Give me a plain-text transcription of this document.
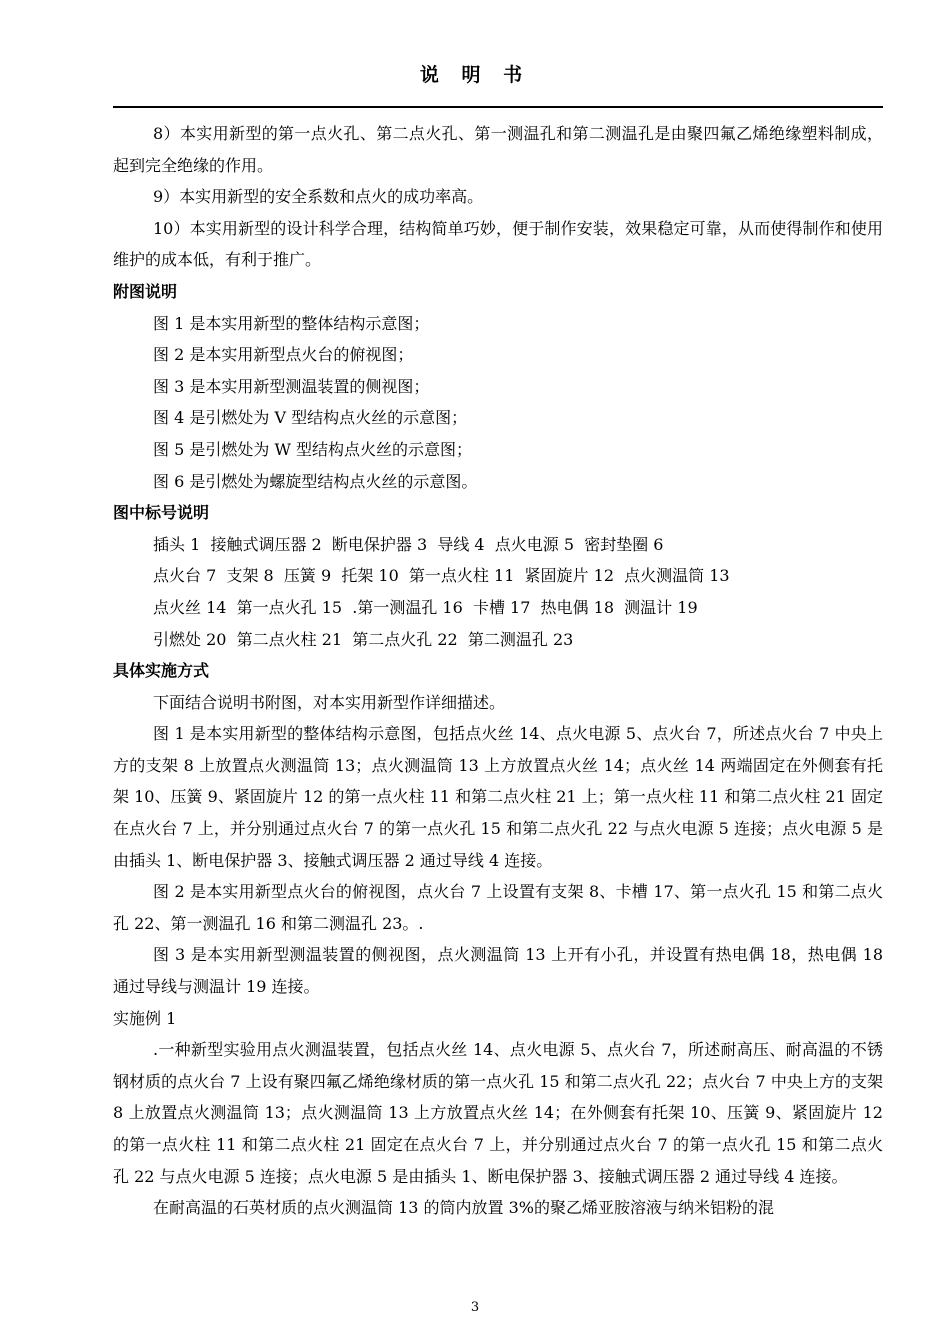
说 明 书

8）本实用新型的第一点火孔、第二点火孔、第一测温孔和第二测温孔是由聚四氟乙烯绝缘塑料制成，起到完全绝缘的作用。

9）本实用新型的安全系数和点火的成功率高。

10）本实用新型的设计科学合理，结构简单巧妙，便于制作安装，效果稳定可靠，从而使得制作和使用维护的成本低，有利于推广。

附图说明

图 1 是本实用新型的整体结构示意图；

图 2 是本实用新型点火台的俯视图；

图 3 是本实用新型测温装置的侧视图；

图 4 是引燃处为 V 型结构点火丝的示意图；

图 5 是引燃处为 W 型结构点火丝的示意图；

图 6 是引燃处为螺旋型结构点火丝的示意图。

图中标号说明

插头 1  接触式调压器 2  断电保护器 3  导线 4  点火电源 5  密封垫圈 6

点火台 7  支架 8  压簧 9  托架 10  第一点火柱 11  紧固旋片 12  点火测温筒 13

点火丝 14  第一点火孔 15  .第一测温孔 16  卡槽 17  热电偶 18  测温计 19

引燃处 20  第二点火柱 21  第二点火孔 22  第二测温孔 23

具体实施方式

下面结合说明书附图，对本实用新型作详细描述。

图 1 是本实用新型的整体结构示意图，包括点火丝 14、点火电源 5、点火台 7，所述点火台 7 中央上方的支架 8 上放置点火测温筒 13；点火测温筒 13 上方放置点火丝 14；点火丝 14 两端固定在外侧套有托架 10、压簧 9、紧固旋片 12 的第一点火柱 11 和第二点火柱 21 上；第一点火柱 11 和第二点火柱 21 固定在点火台 7 上，并分别通过点火台 7 的第一点火孔 15 和第二点火孔 22 与点火电源 5 连接；点火电源 5 是由插头 1、断电保护器 3、接触式调压器 2 通过导线 4 连接。

图 2 是本实用新型点火台的俯视图，点火台 7 上设置有支架 8、卡槽 17、第一点火孔 15 和第二点火孔 22、第一测温孔 16 和第二测温孔 23。.

图 3 是本实用新型测温装置的侧视图，点火测温筒 13 上开有小孔，并设置有热电偶 18，热电偶 18 通过导线与测温计 19 连接。

实施例 1

.一种新型实验用点火测温装置，包括点火丝 14、点火电源 5、点火台 7，所述耐高压、耐高温的不锈钢材质的点火台 7 上设有聚四氟乙烯绝缘材质的第一点火孔 15 和第二点火孔 22；点火台 7 中央上方的支架 8 上放置点火测温筒 13；点火测温筒 13 上方放置点火丝 14；在外侧套有托架 10、压簧 9、紧固旋片 12 的第一点火柱 11 和第二点火柱 21 固定在点火台 7 上，并分别通过点火台 7 的第一点火孔 15 和第二点火孔 22 与点火电源 5 连接；点火电源 5 是由插头 1、断电保护器 3、接触式调压器 2 通过导线 4 连接。

在耐高温的石英材质的点火测温筒 13 的筒内放置 3%的聚乙烯亚胺溶液与纳米铝粉的混

3
